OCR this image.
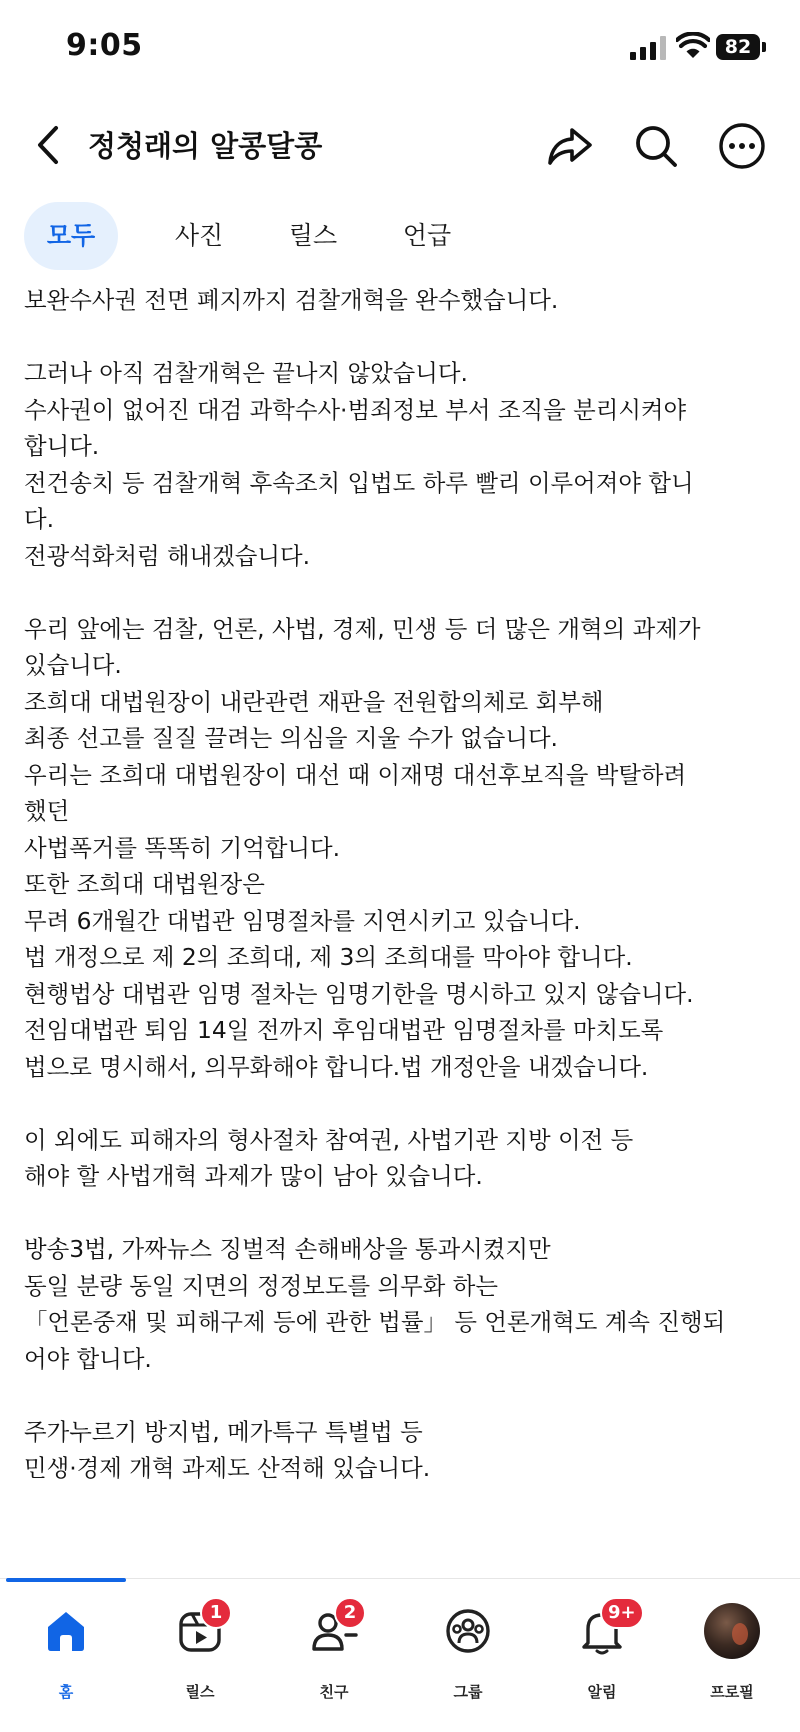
9:05	82
정청래의 알콩달콩
모두	사진	릴스	언급
보완수사권 전면 폐지까지 검찰개혁을 완수했습니다.
그러나 아직 검찰개혁은 끝나지 않았습니다.
수사권이 없어진 대검 과학수사·범죄정보 부서 조직을 분리시켜야
합니다.
전건송치 등 검찰개혁 후속조치 입법도 하루 빨리 이루어져야 합니
다.
전광석화처럼 해내겠습니다.
우리 앞에는 검찰, 언론, 사법, 경제, 민생 등 더 많은 개혁의 과제가
있습니다.
조희대 대법원장이 내란관련 재판을 전원합의체로 회부해
최종 선고를 질질 끌려는 의심을 지울 수가 없습니다.
우리는 조희대 대법원장이 대선 때 이재명 대선후보직을 박탈하려
했던
사법폭거를 똑똑히 기억합니다.
또한 조희대 대법원장은
무려 6개월간 대법관 임명절차를 지연시키고 있습니다.
법 개정으로 제 2의 조희대, 제 3의 조희대를 막아야 합니다.
현행법상 대법관 임명 절차는 임명기한을 명시하고 있지 않습니다.
전임대법관 퇴임 14일 전까지 후임대법관 임명절차를 마치도록
법으로 명시해서, 의무화해야 합니다.법 개정안을 내겠습니다.
이 외에도 피해자의 형사절차 참여권, 사법기관 지방 이전 등
해야 할 사법개혁 과제가 많이 남아 있습니다.
방송3법, 가짜뉴스 징벌적 손해배상을 통과시켰지만
동일 분량 동일 지면의 정정보도를 의무화 하는
「언론중재 및 피해구제 등에 관한 법률」 등 언론개혁도 계속 진행되
어야 합니다.
주가누르기 방지법, 메가특구 특별법 등
민생·경제 개혁 과제도 산적해 있습니다.
홈
1
릴스
2
친구	그룹
9+
알림	프로필
